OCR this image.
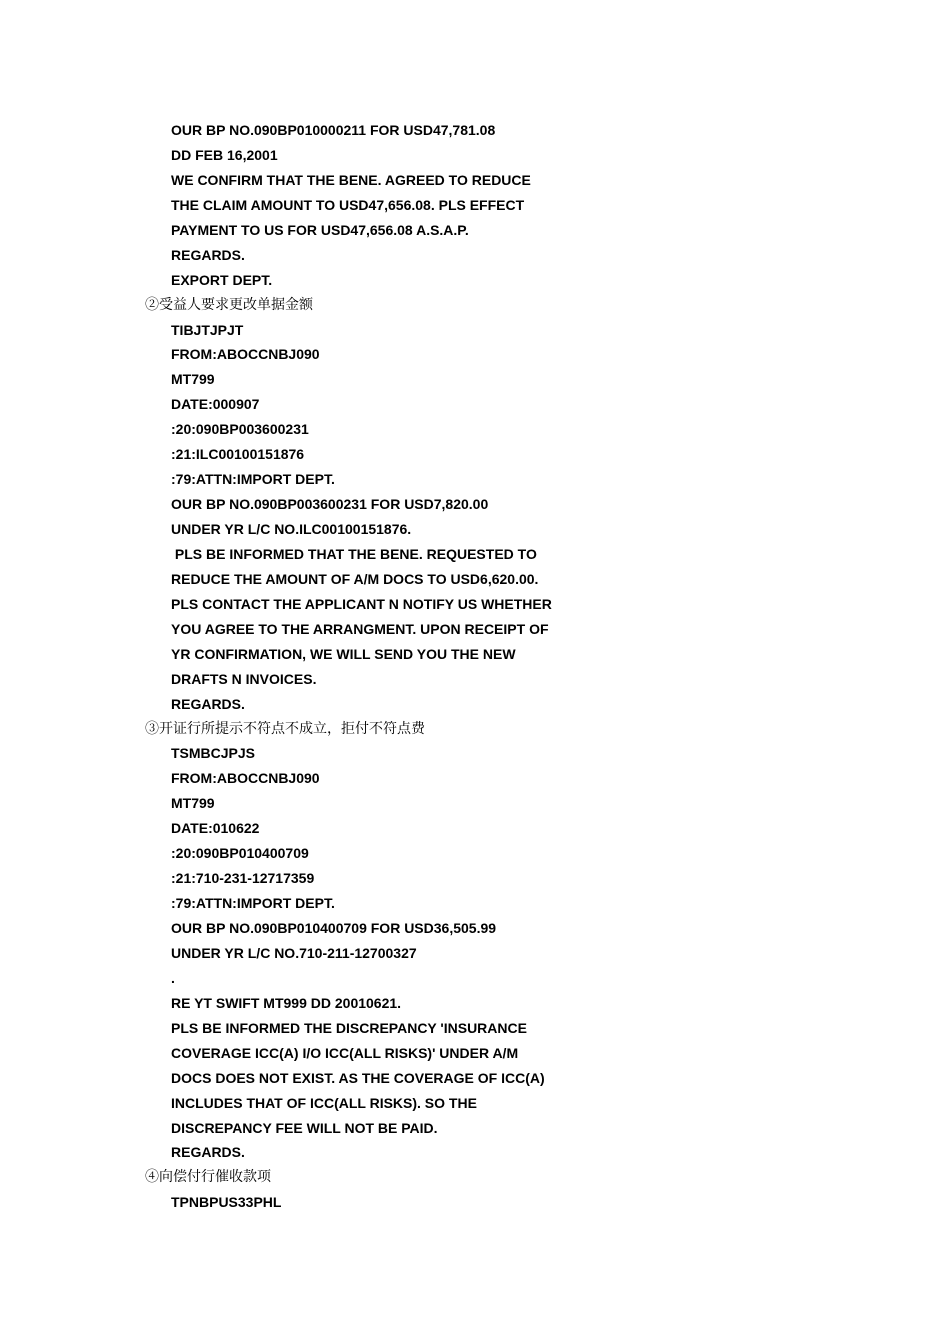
OUR BP NO.090BP010000211 FOR USD47,781.08
DD FEB 16,2001
WE CONFIRM THAT THE BENE. AGREED TO REDUCE
THE CLAIM AMOUNT TO USD47,656.08. PLS EFFECT
PAYMENT TO US FOR USD47,656.08 A.S.A.P.
REGARDS.
EXPORT DEPT.
②受益人要求更改单据金额
TIBJTJPJT
FROM:ABOCCNBJ090
MT799
DATE:000907
:20:090BP003600231
:21:ILC00100151876
:79:ATTN:IMPORT DEPT.
OUR BP NO.090BP003600231 FOR USD7,820.00
UNDER YR L/C NO.ILC00100151876.
PLS BE INFORMED THAT THE BENE. REQUESTED TO
REDUCE THE AMOUNT OF A/M DOCS TO USD6,620.00.
PLS CONTACT THE APPLICANT N NOTIFY US WHETHER
YOU AGREE TO THE ARRANGMENT. UPON RECEIPT OF
YR CONFIRMATION, WE WILL SEND YOU THE NEW
DRAFTS N INVOICES.
REGARDS.
③开证行所提示不符点不成立，拒付不符点费
TSMBCJPJS
FROM:ABOCCNBJ090
MT799
DATE:010622
:20:090BP010400709
:21:710-231-12717359
:79:ATTN:IMPORT DEPT.
OUR BP NO.090BP010400709 FOR USD36,505.99
UNDER YR L/C NO.710-211-12700327
.
RE YT SWIFT MT999 DD 20010621.
PLS BE INFORMED THE DISCREPANCY 'INSURANCE
COVERAGE ICC(A) I/O ICC(ALL RISKS)' UNDER A/M
DOCS DOES NOT EXIST. AS THE COVERAGE OF ICC(A)
INCLUDES THAT OF ICC(ALL RISKS). SO THE
DISCREPANCY FEE WILL NOT BE PAID.
REGARDS.
④向偿付行催收款项
TPNBPUS33PHL
